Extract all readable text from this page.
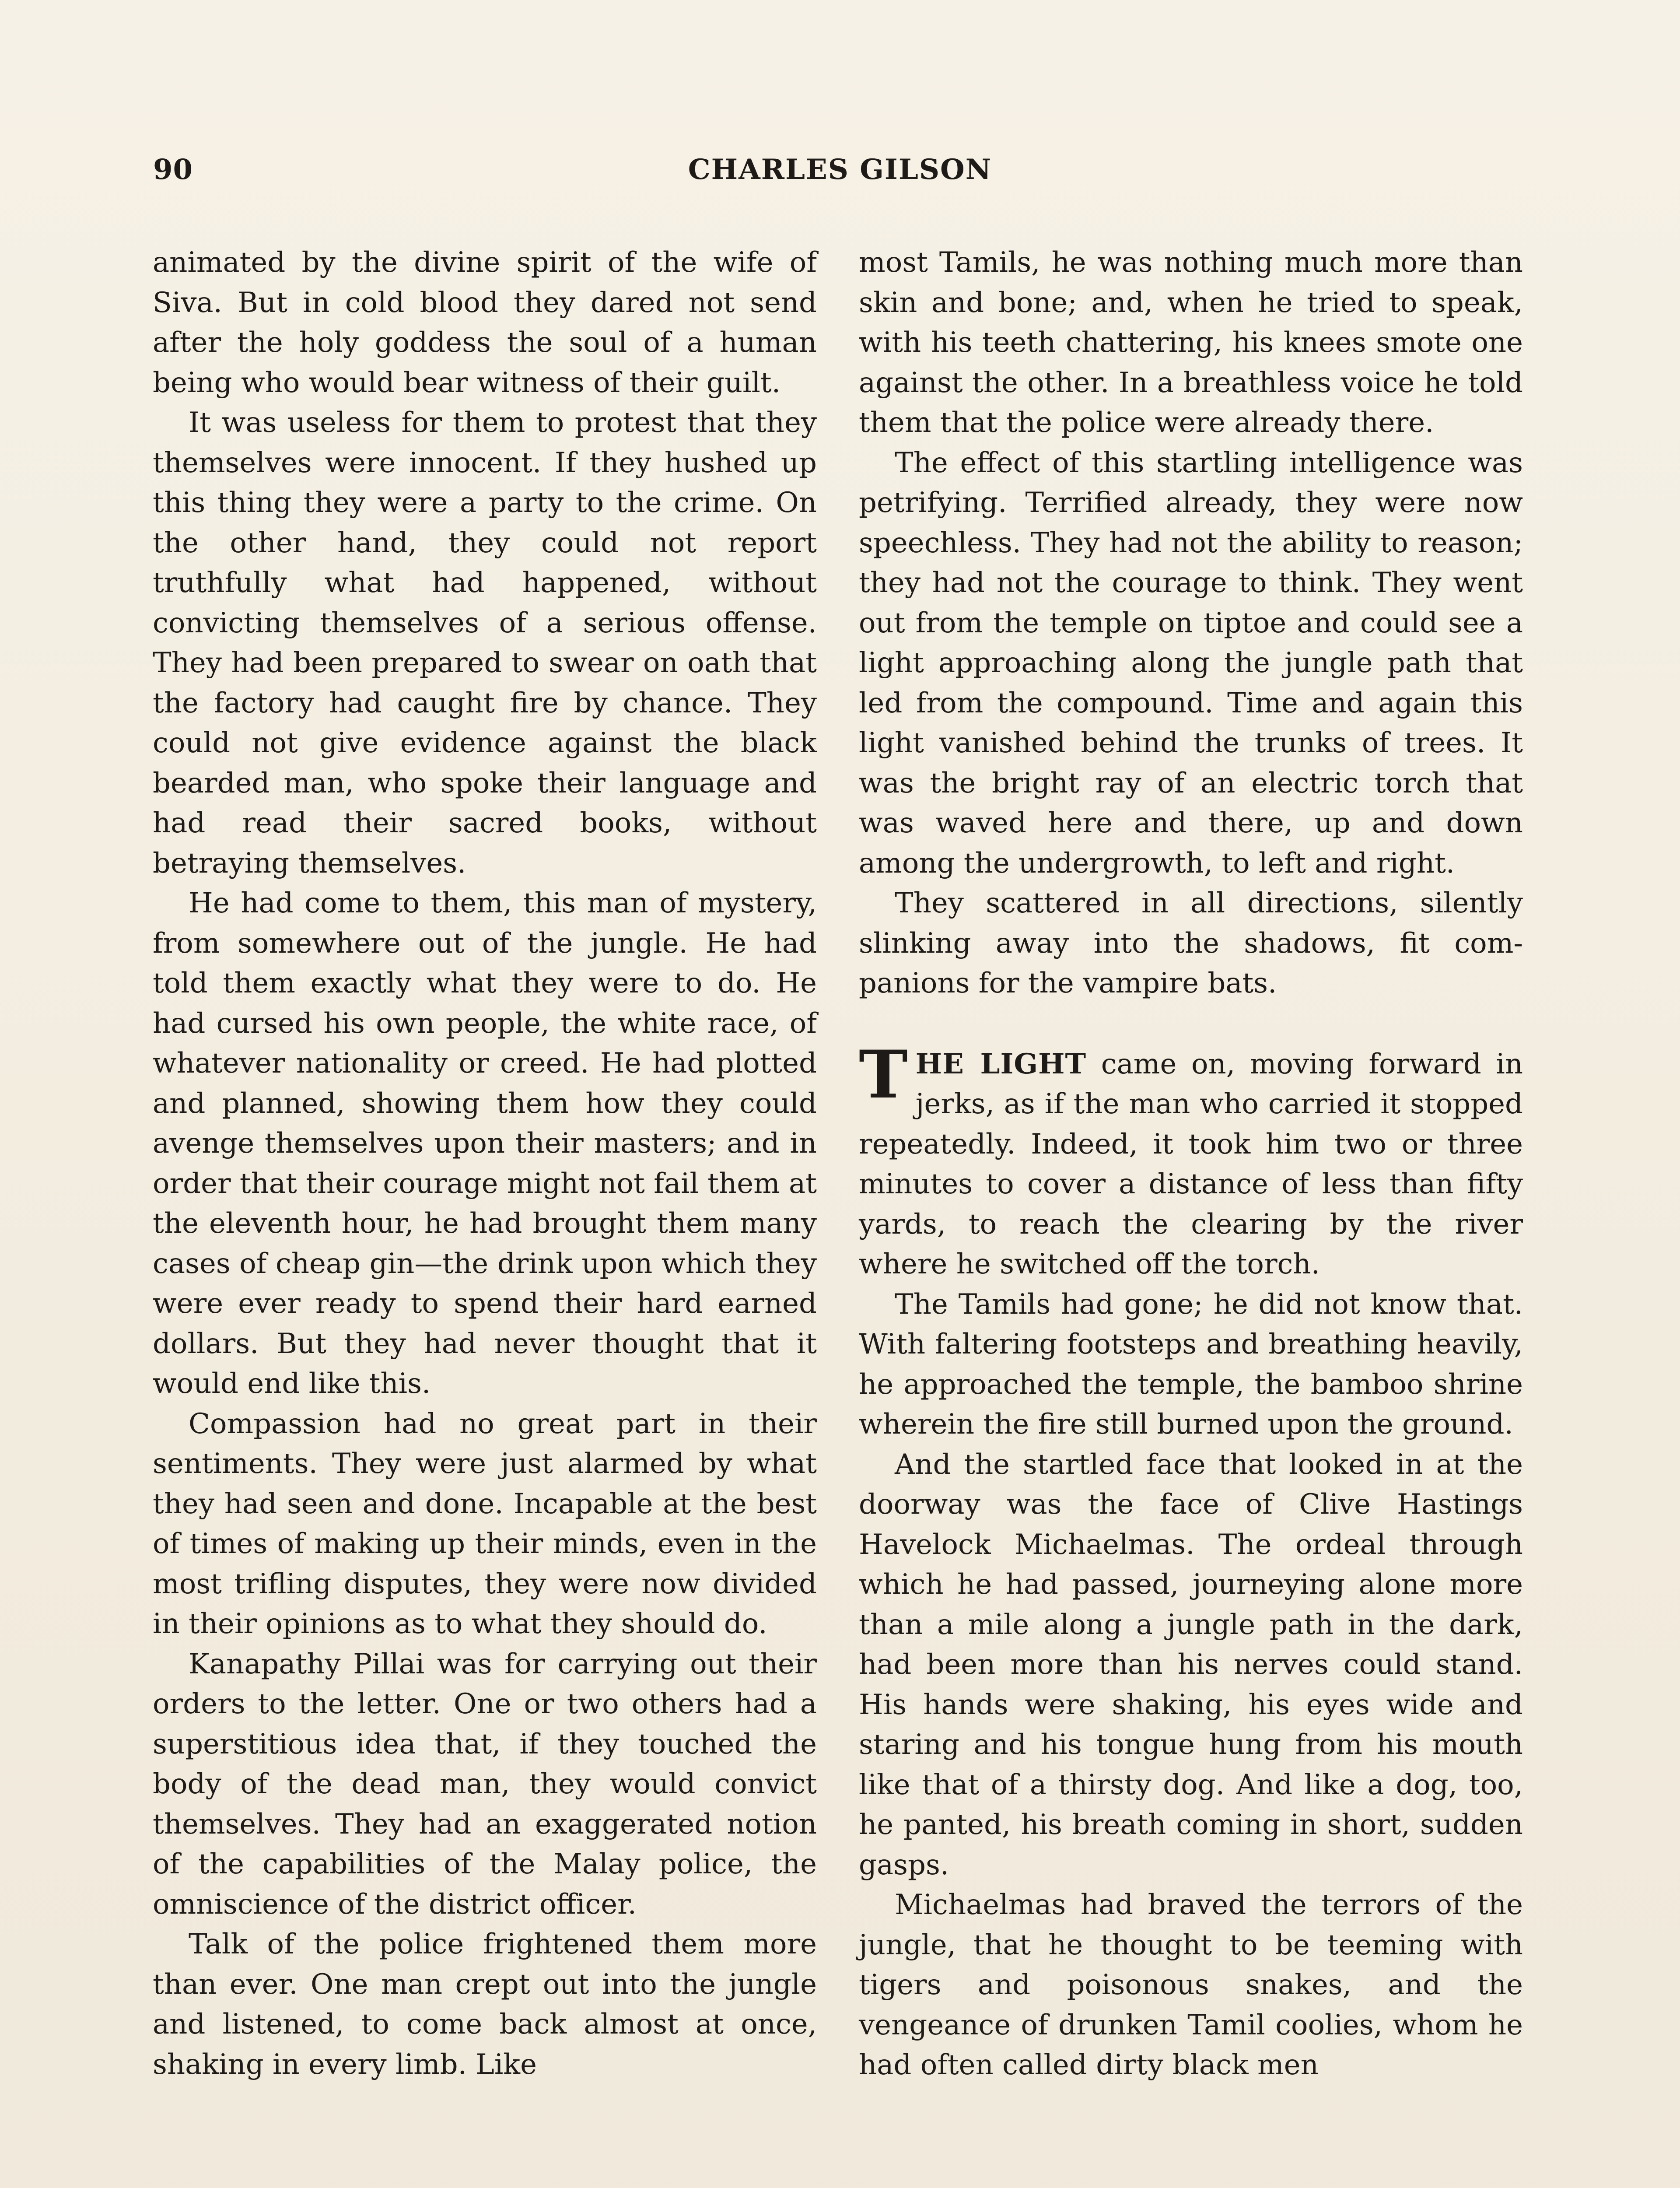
90	CHARLES GILSON

animated by the divine spirit of the wife of Siva. But in cold blood they dared not send after the holy goddess the soul of a human being who would bear witness of their guilt.

It was useless for them to protest that they themselves were innocent. If they hushed up this thing they were a party to the crime. On the other hand, they could not report truthfully what had happened, without convicting themselves of a serious offense. They had been prepared to swear on oath that the factory had caught fire by chance. They could not give evidence against the black bearded man, who spoke their language and had read their sacred books, without betraying themselves.

He had come to them, this man of mystery, from somewhere out of the jungle. He had told them exactly what they were to do. He had cursed his own people, the white race, of whatever nationality or creed. He had plotted and planned, showing them how they could avenge themselves upon their masters; and in order that their courage might not fail them at the eleventh hour, he had brought them many cases of cheap gin—the drink upon which they were ever ready to spend their hard earned dollars. But they had never thought that it would end like this.

Compassion had no great part in their sentiments. They were just alarmed by what they had seen and done. Incapable at the best of times of making up their minds, even in the most trifling disputes, they were now divided in their opinions as to what they should do.

Kanapathy Pillai was for carrying out their orders to the letter. One or two others had a superstitious idea that, if they touched the body of the dead man, they would convict themselves. They had an exaggerated notion of the capabilities of the Malay police, the omniscience of the district officer.

Talk of the police frightened them more than ever. One man crept out into the jungle and listened, to come back almost at once, shaking in every limb. Like

most Tamils, he was nothing much more than skin and bone; and, when he tried to speak, with his teeth chattering, his knees smote one against the other. In a breathless voice he told them that the police were already there.

The effect of this startling intelligence was petrifying. Terrified already, they were now speechless. They had not the ability to reason; they had not the courage to think. They went out from the temple on tiptoe and could see a light approaching along the jungle path that led from the compound. Time and again this light vanished behind the trunks of trees. It was the bright ray of an electric torch that was waved here and there, up and down among the undergrowth, to left and right.

They scattered in all directions, silently slinking away into the shadows, fit companions for the vampire bats.

THE LIGHT came on, moving forward in jerks, as if the man who carried it stopped repeatedly. Indeed, it took him two or three minutes to cover a distance of less than fifty yards, to reach the clearing by the river where he switched off the torch.

The Tamils had gone; he did not know that. With faltering footsteps and breathing heavily, he approached the temple, the bamboo shrine wherein the fire still burned upon the ground.

And the startled face that looked in at the doorway was the face of Clive Hastings Havelock Michaelmas. The ordeal through which he had passed, journeying alone more than a mile along a jungle path in the dark, had been more than his nerves could stand. His hands were shaking, his eyes wide and staring and his tongue hung from his mouth like that of a thirsty dog. And like a dog, too, he panted, his breath coming in short, sudden gasps.

Michaelmas had braved the terrors of the jungle, that he thought to be teeming with tigers and poisonous snakes, and the vengeance of drunken Tamil coolies, whom he had often called dirty black men
